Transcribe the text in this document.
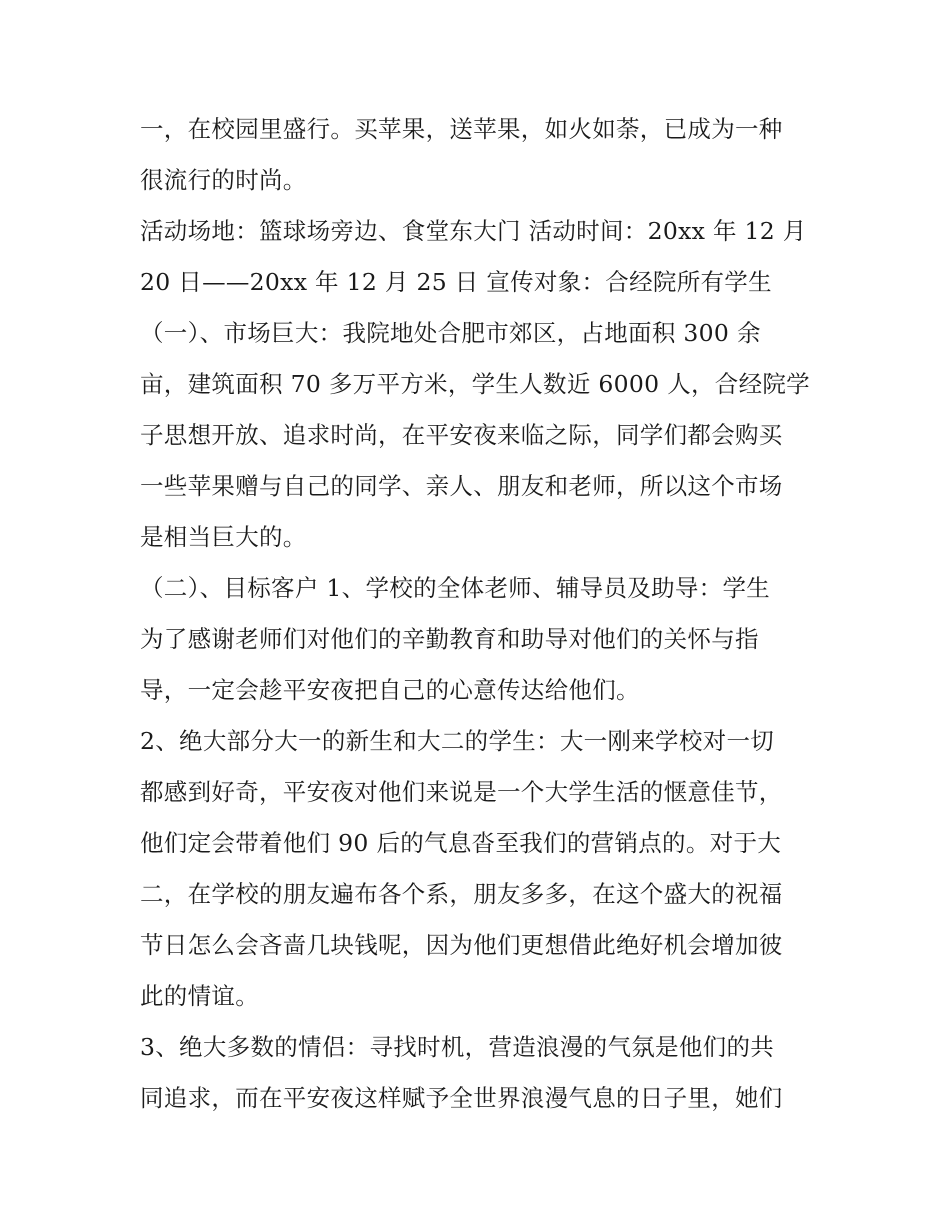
一，在校园里盛行。买苹果，送苹果，如火如荼，已成为一种
很流行的时尚。
活动场地：篮球场旁边、食堂东大门 活动时间：20xx 年 12 月
20 日——20xx 年 12 月 25 日 宣传对象：合经院所有学生
（一）、市场巨大：我院地处合肥市郊区，占地面积 300 余
亩，建筑面积 70 多万平方米，学生人数近 6000 人，合经院学
子思想开放、追求时尚，在平安夜来临之际，同学们都会购买
一些苹果赠与自己的同学、亲人、朋友和老师，所以这个市场
是相当巨大的。
（二）、目标客户 1、学校的全体老师、辅导员及助导：学生
为了感谢老师们对他们的辛勤教育和助导对他们的关怀与指
导，一定会趁平安夜把自己的心意传达给他们。
2、绝大部分大一的新生和大二的学生：大一刚来学校对一切
都感到好奇，平安夜对他们来说是一个大学生活的惬意佳节，
他们定会带着他们 90 后的气息沓至我们的营销点的。对于大
二，在学校的朋友遍布各个系，朋友多多，在这个盛大的祝福
节日怎么会吝啬几块钱呢，因为他们更想借此绝好机会增加彼
此的情谊。
3、绝大多数的情侣：寻找时机，营造浪漫的气氛是他们的共
同追求，而在平安夜这样赋予全世界浪漫气息的日子里，她们
